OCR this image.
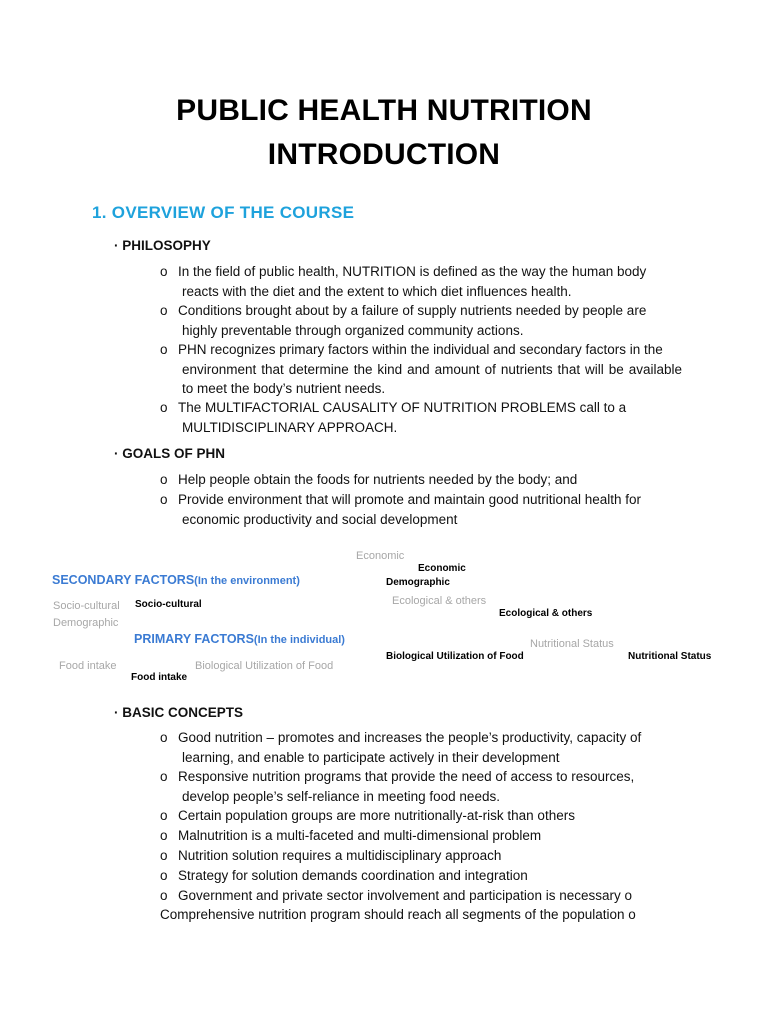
PUBLIC HEALTH NUTRITION
INTRODUCTION
1. OVERVIEW OF THE COURSE
· PHILOSOPHY
o In the field of public health, NUTRITION is defined as the way the human body
reacts with the diet and the extent to which diet influences health.
o Conditions brought about by a failure of supply nutrients needed by people are
highly preventable through organized community actions.
o PHN recognizes primary factors within the individual and secondary factors in the
environment that determine the kind and amount of nutrients that will be available to meet the body’s nutrient needs.
o The MULTIFACTORIAL CAUSALITY OF NUTRITION PROBLEMS call to a
MULTIDISCIPLINARY APPROACH.
· GOALS OF PHN
o Help people obtain the foods for nutrients needed by the body; and
o Provide environment that will promote and maintain good nutritional health for
economic productivity and social development
Economic
Economic
SECONDARY FACTORS(In the environment)	Demographic
Ecological & others
Socio-cultural Socio-cultural
Ecological & others
Demographic
PRIMARY FACTORS(In the individual)	Nutritional Status
Biological Utilization of Food	Nutritional Status
Food intake	Biological Utilization of Food
Food intake
· BASIC CONCEPTS
o Good nutrition – promotes and increases the people’s productivity, capacity of
learning, and enable to participate actively in their development
o Responsive nutrition programs that provide the need of access to resources,
develop people’s self-reliance in meeting food needs.
o Certain population groups are more nutritionally-at-risk than others
o Malnutrition is a multi-faceted and multi-dimensional problem
o Nutrition solution requires a multidisciplinary approach
o Strategy for solution demands coordination and integration
o Government and private sector involvement and participation is necessary o
Comprehensive nutrition program should reach all segments of the population o
